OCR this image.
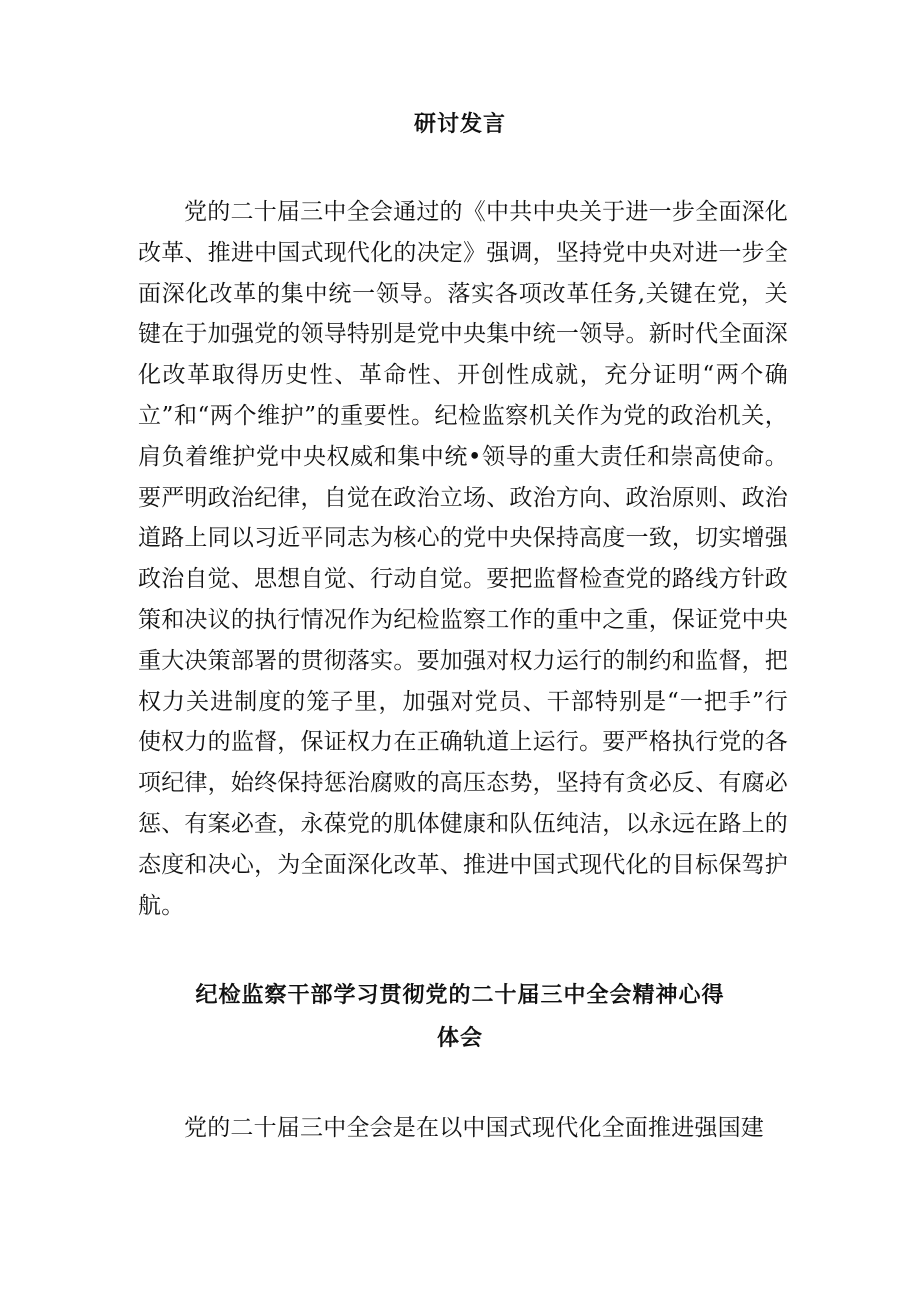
研讨发言

党的二十届三中全会通过的《中共中央关于进一步全面深化改革、推进中国式现代化的决定》强调，坚持党中央对进一步全面深化改革的集中统一领导。落实各项改革任务,关键在党，关键在于加强党的领导特别是党中央集中统一领导。新时代全面深化改革取得历史性、革命性、开创性成就，充分证明“两个确立”和“两个维护”的重要性。纪检监察机关作为党的政治机关，肩负着维护党中央权威和集中统•领导的重大责任和崇高使命。要严明政治纪律，自觉在政治立场、政治方向、政治原则、政治道路上同以习近平同志为核心的党中央保持高度一致，切实增强政治自觉、思想自觉、行动自觉。要把监督检查党的路线方针政策和决议的执行情况作为纪检监察工作的重中之重，保证党中央重大决策部署的贯彻落实。要加强对权力运行的制约和监督，把权力关进制度的笼子里，加强对党员、干部特别是“一把手”行使权力的监督，保证权力在正确轨道上运行。要严格执行党的各项纪律，始终保持惩治腐败的高压态势，坚持有贪必反、有腐必惩、有案必查，永葆党的肌体健康和队伍纯洁，以永远在路上的态度和决心，为全面深化改革、推进中国式现代化的目标保驾护航。

纪检监察干部学习贯彻党的二十届三中全会精神心得
体会

党的二十届三中全会是在以中国式现代化全面推进强国建
